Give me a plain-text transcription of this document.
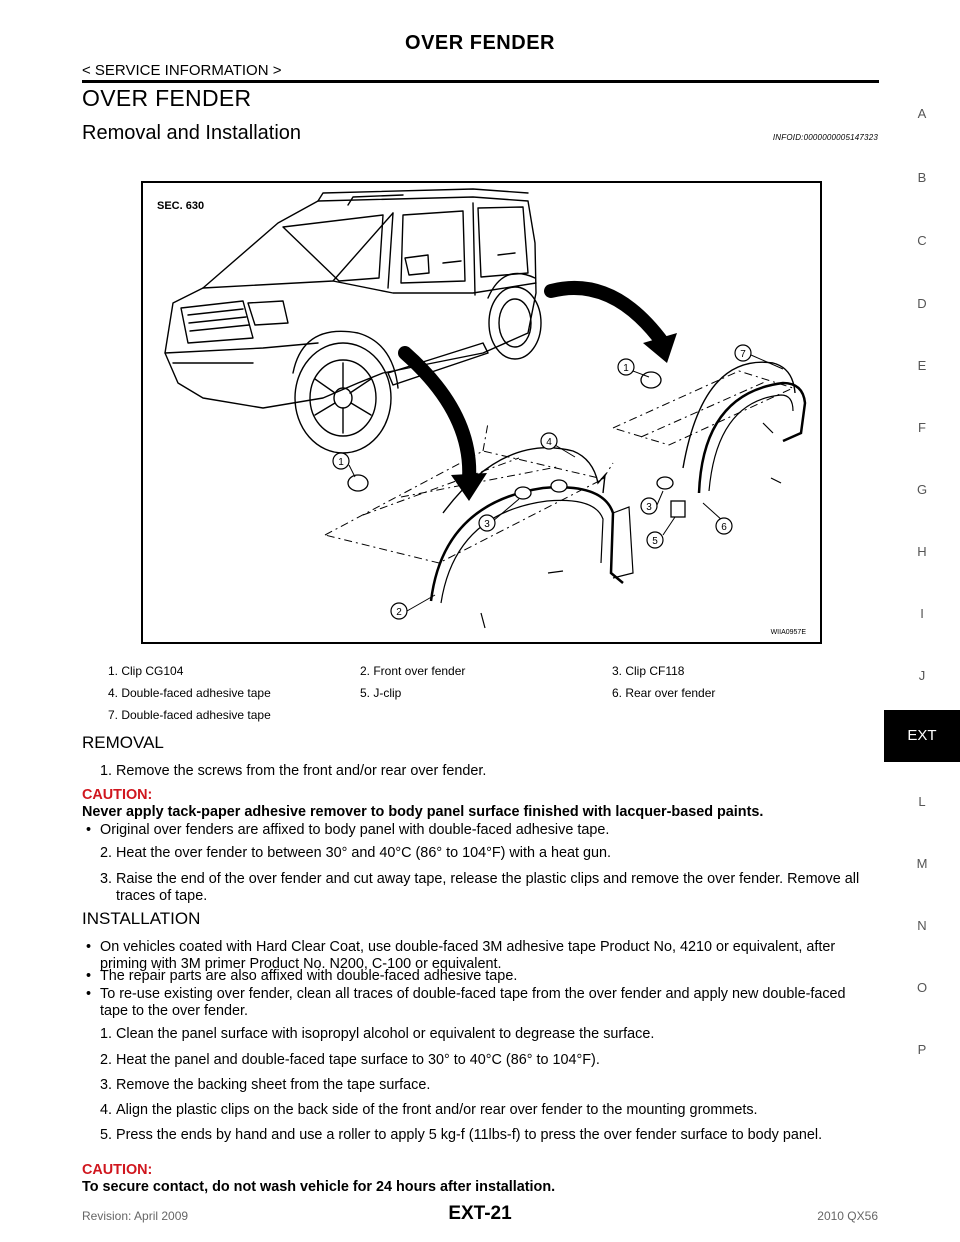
OVER FENDER
< SERVICE INFORMATION >
OVER FENDER
Removal and Installation	INFOID:0000000005147323
A
B
C
D
E
F
G
H
I
J
EXT
L
M
N
O
P
SEC. 630
1
7
4
1
3
3
6
5
2
WIIA0957E
1. Clip CG104	2. Front over fender	3. Clip CF118
4. Double-faced adhesive tape	5. J-clip	6. Rear over fender
7. Double-faced adhesive tape
REMOVAL
1. Remove the screws from the front and/or rear over fender.
CAUTION:
Never apply tack-paper adhesive remover to body panel surface finished with lacquer-based paints.
• Original over fenders are affixed to body panel with double-faced adhesive tape.
2. Heat the over fender to between 30° and 40°C (86° to 104°F) with a heat gun.
3. Raise the end of the over fender and cut away tape, release the plastic clips and remove the over fender. Remove all traces of tape.
INSTALLATION
• On vehicles coated with Hard Clear Coat, use double-faced 3M adhesive tape Product No, 4210 or equivalent, after priming with 3M primer Product No. N200, C-100 or equivalent.
• The repair parts are also affixed with double-faced adhesive tape.
• To re-use existing over fender, clean all traces of double-faced tape from the over fender and apply new double-faced tape to the over fender.
1. Clean the panel surface with isopropyl alcohol or equivalent to degrease the surface.
2. Heat the panel and double-faced tape surface to 30° to 40°C (86° to 104°F).
3. Remove the backing sheet from the tape surface.
4. Align the plastic clips on the back side of the front and/or rear over fender to the mounting grommets.
5. Press the ends by hand and use a roller to apply 5 kg-f (11lbs-f) to press the over fender surface to body panel.
CAUTION:
To secure contact, do not wash vehicle for 24 hours after installation.
Revision: April 2009	EXT-21	2010 QX56
